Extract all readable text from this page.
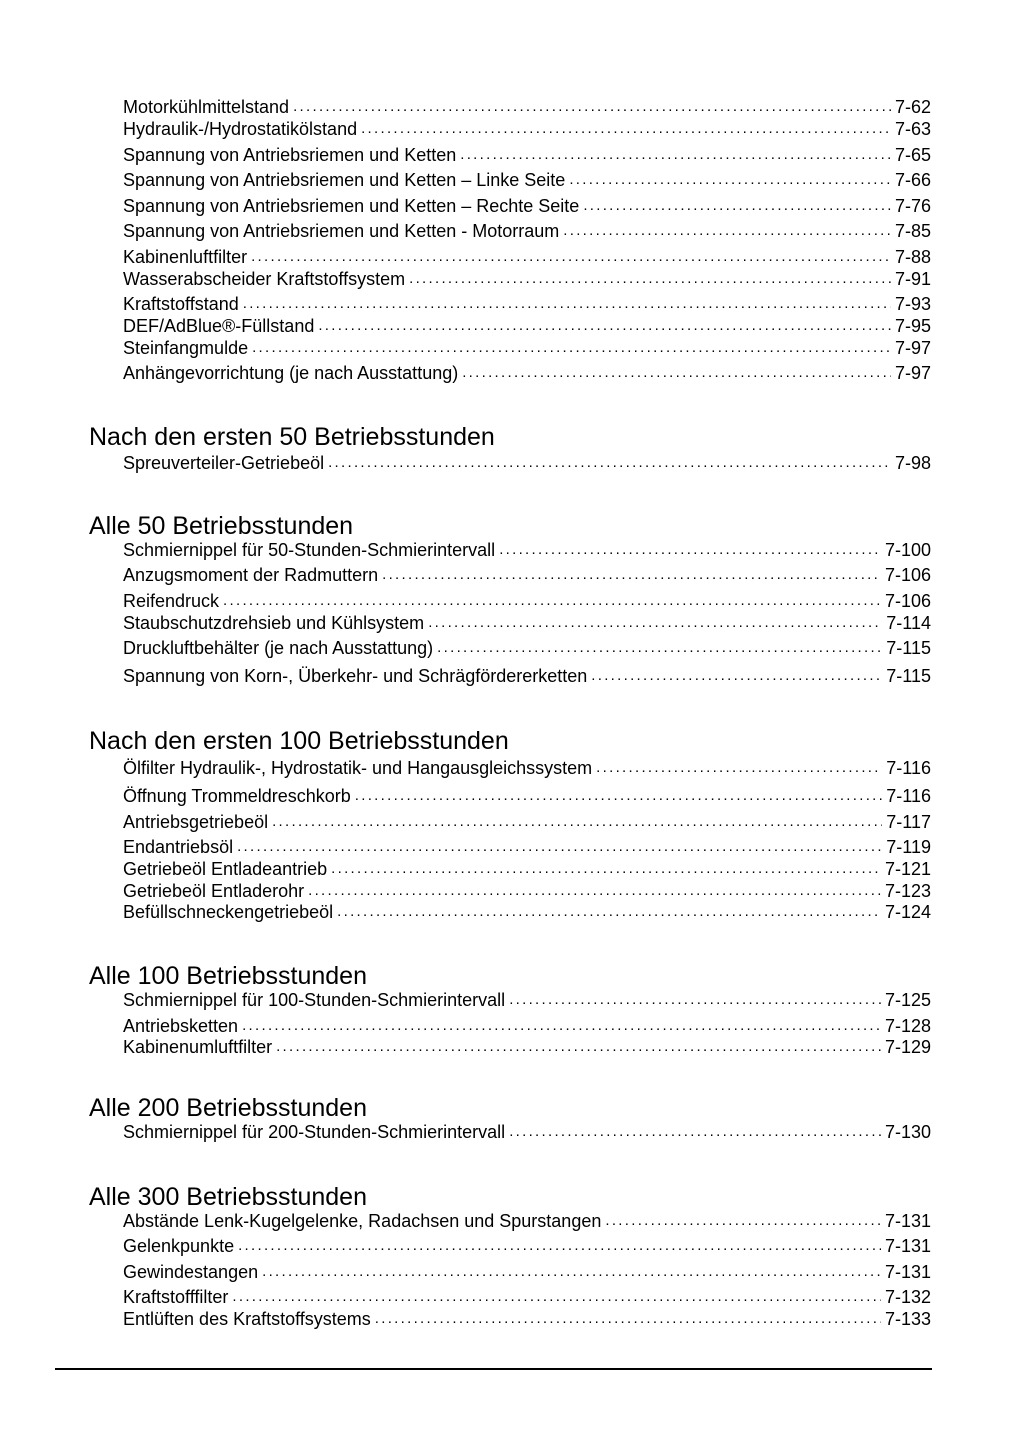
Motorkühlmittelstand .....	7-62
Hydraulik-/Hydrostatikölstand .....	7-63
Spannung von Antriebsriemen und Ketten .....	7-65
Spannung von Antriebsriemen und Ketten – Linke Seite .....	7-66
Spannung von Antriebsriemen und Ketten – Rechte Seite .....	7-76
Spannung von Antriebsriemen und Ketten - Motorraum .....	7-85
Kabinenluftfilter .....	7-88
Wasserabscheider Kraftstoffsystem .....	7-91
Kraftstoffstand .....	7-93
DEF/AdBlue®-Füllstand .....	7-95
Steinfangmulde .....	7-97
Anhängevorrichtung (je nach Ausstattung) .....	7-97
Nach den ersten 50 Betriebsstunden
Spreuverteiler-Getriebeöl .....	7-98
Alle 50 Betriebsstunden
Schmiernippel für 50-Stunden-Schmierintervall .....	7-100
Anzugsmoment der Radmuttern .....	7-106
Reifendruck .....	7-106
Staubschutzdrehsieb und Kühlsystem .....	7-114
Druckluftbehälter (je nach Ausstattung) .....	7-115
Spannung von Korn-, Überkehr- und Schrägfördererketten .....	7-115
Nach den ersten 100 Betriebsstunden
Ölfilter Hydraulik-, Hydrostatik- und Hangausgleichssystem .....	7-116
Öffnung Trommeldreschkorb .....	7-116
Antriebsgetriebeöl .....	7-117
Endantriebsöl .....	7-119
Getriebeöl Entladeantrieb .....	7-121
Getriebeöl Entladerohr .....	7-123
Befüllschneckengetriebeöl .....	7-124
Alle 100 Betriebsstunden
Schmiernippel für 100-Stunden-Schmierintervall .....	7-125
Antriebsketten .....	7-128
Kabinenumluftfilter .....	7-129
Alle 200 Betriebsstunden
Schmiernippel für 200-Stunden-Schmierintervall .....	7-130
Alle 300 Betriebsstunden
Abstände Lenk-Kugelgelenke, Radachsen und Spurstangen .....	7-131
Gelenkpunkte .....	7-131
Gewindestangen .....	7-131
Kraftstofffilter .....	7-132
Entlüften des Kraftstoffsystems .....	7-133
